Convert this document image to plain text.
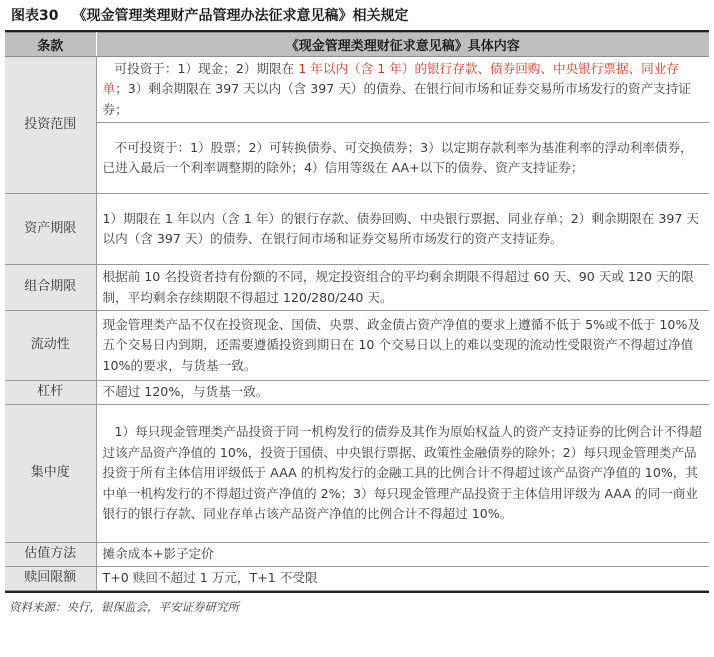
图表30 《现金管理类理财产品管理办法征求意见稿》相关规定
条款	《现金管理类理财征求意见稿》具体内容
投资范围	可投资于：1）现金；2）期限在 1 年以内（含 1 年）的银行存款、债券回购、中央银行票据、同业存单；3）剩余期限在 397 天以内（含 397 天）的债券、在银行间市场和证券交易所市场发行的资产支持证券；
	不可投资于：1）股票；2）可转换债券、可交换债券；3）以定期存款利率为基准利率的浮动利率债券，已进入最后一个利率调整期的除外；4）信用等级在 AA+以下的债券、资产支持证券；
资产期限	1）期限在 1 年以内（含 1 年）的银行存款、债券回购、中央银行票据、同业存单；2）剩余期限在 397 天以内（含 397 天）的债券、在银行间市场和证券交易所市场发行的资产支持证券。
组合期限	根据前 10 名投资者持有份额的不同，规定投资组合的平均剩余期限不得超过 60 天、90 天或 120 天的限制，平均剩余存续期限不得超过 120/280/240 天。
流动性	现金管理类产品不仅在投资现金、国债、央票、政金债占资产净值的要求上遵循不低于 5%或不低于 10%及五个交易日内到期，还需要遵循投资到期日在 10 个交易日以上的难以变现的流动性受限资产不得超过净值 10%的要求，与货基一致。
杠杆	不超过 120%，与货基一致。
集中度	1）每只现金管理类产品投资于同一机构发行的债券及其作为原始权益人的资产支持证券的比例合计不得超过该产品资产净值的 10%，投资于国债、中央银行票据、政策性金融债券的除外；2）每只现金管理类产品投资于所有主体信用评级低于 AAA 的机构发行的金融工具的比例合计不得超过该产品资产净值的 10%，其中单一机构发行的不得超过资产净值的 2%；3）每只现金管理产品投资于主体信用评级为 AAA 的同一商业银行的银行存款、同业存单占该产品资产净值的比例合计不得超过 10%。
估值方法	摊余成本+影子定价
赎回限额	T+0 赎回不超过 1 万元，T+1 不受限
资料来源：央行，银保监会，平安证券研究所
